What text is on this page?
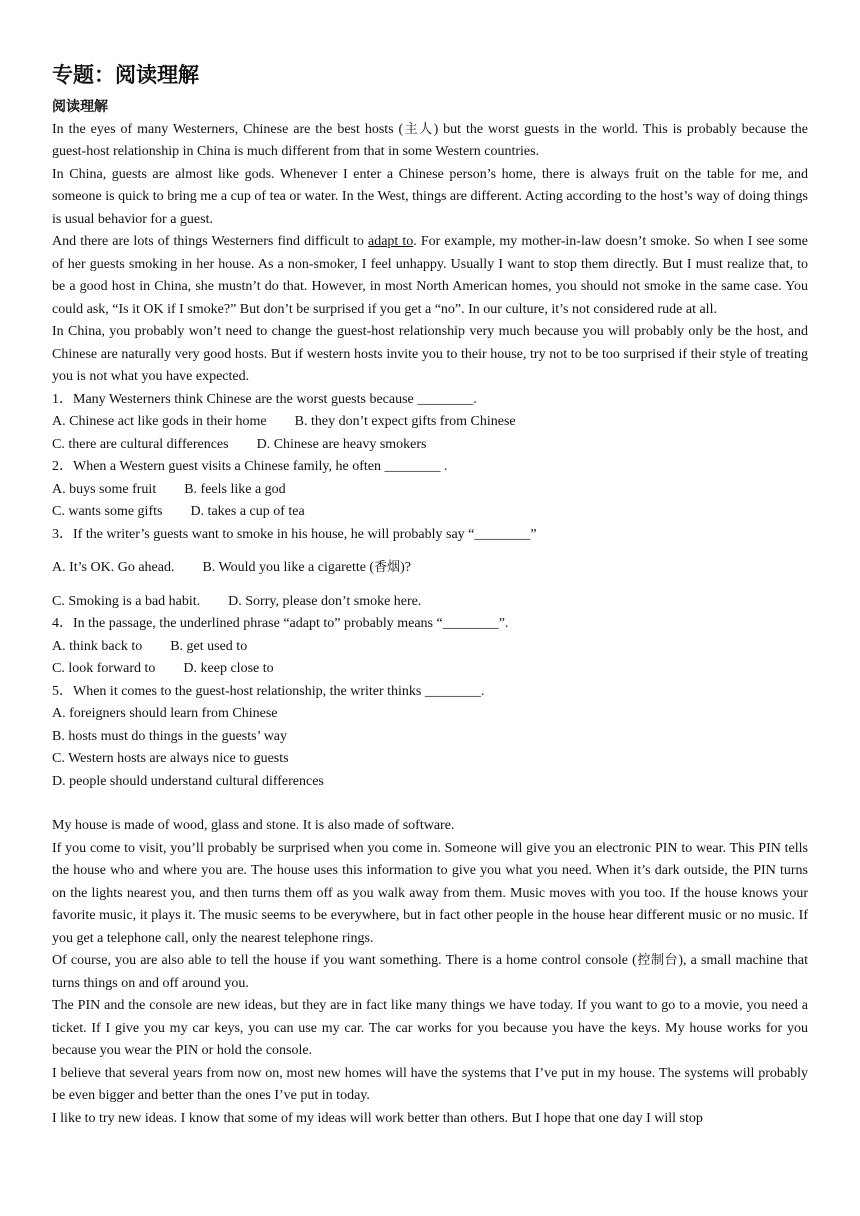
专题：阅读理解
阅读理解

In the eyes of many Westerners, Chinese are the best hosts (主人) but the worst guests in the world. This is probably because the guest-host relationship in China is much different from that in some Western countries.

In China, guests are almost like gods. Whenever I enter a Chinese person’s home, there is always fruit on the table for me, and someone is quick to bring me a cup of tea or water. In the West, things are different. Acting according to the host’s way of doing things is usual behavior for a guest.

And there are lots of things Westerners find difficult to adapt to. For example, my mother-in-law doesn’t smoke. So when I see some of her guests smoking in her house. As a non-smoker, I feel unhappy. Usually I want to stop them directly. But I must realize that, to be a good host in China, she mustn’t do that. However, in most North American homes, you should not smoke in the same case. You could ask, “Is it OK if I smoke?” But don’t be surprised if you get a “no”. In our culture, it’s not considered rude at all.

In China, you probably won’t need to change the guest-host relationship very much because you will probably only be the host, and Chinese are naturally very good hosts. But if western hosts invite you to their house, try not to be too surprised if their style of treating you is not what you have expected.

1．Many Westerners think Chinese are the worst guests because ________.

A. Chinese act like gods in their home        B. they don’t expect gifts from Chinese

C. there are cultural differences        D. Chinese are heavy smokers

2．When a Western guest visits a Chinese family, he often ________ .

A. buys some fruit        B. feels like a god

C. wants some gifts        D. takes a cup of tea

3．If the writer’s guests want to smoke in his house, he will probably say “________”

A. It’s OK. Go ahead.        B. Would you like a cigarette (香烟)?

C. Smoking is a bad habit.        D. Sorry, please don’t smoke here.

4．In the passage, the underlined phrase “adapt to” probably means “________”.

A. think back to        B. get used to

C. look forward to        D. keep close to

5．When it comes to the guest-host relationship, the writer thinks ________.

A. foreigners should learn from Chinese

B. hosts must do things in the guests’ way

C. Western hosts are always nice to guests

D. people should understand cultural differences

My house is made of wood, glass and stone. It is also made of software.

If you come to visit, you’ll probably be surprised when you come in. Someone will give you an electronic PIN to wear. This PIN tells the house who and where you are. The house uses this information to give you what you need. When it’s dark outside, the PIN turns on the lights nearest you, and then turns them off as you walk away from them. Music moves with you too. If the house knows your favorite music, it plays it. The music seems to be everywhere, but in fact other people in the house hear different music or no music. If you get a telephone call, only the nearest telephone rings.

Of course, you are also able to tell the house if you want something. There is a home control console (控制台), a small machine that turns things on and off around you.

The PIN and the console are new ideas, but they are in fact like many things we have today. If you want to go to a movie, you need a ticket. If I give you my car keys, you can use my car. The car works for you because you have the keys. My house works for you because you wear the PIN or hold the console.

I believe that several years from now on, most new homes will have the systems that I’ve put in my house. The systems will probably be even bigger and better than the ones I’ve put in today.

I like to try new ideas. I know that some of my ideas will work better than others. But I hope that one day I will stop
